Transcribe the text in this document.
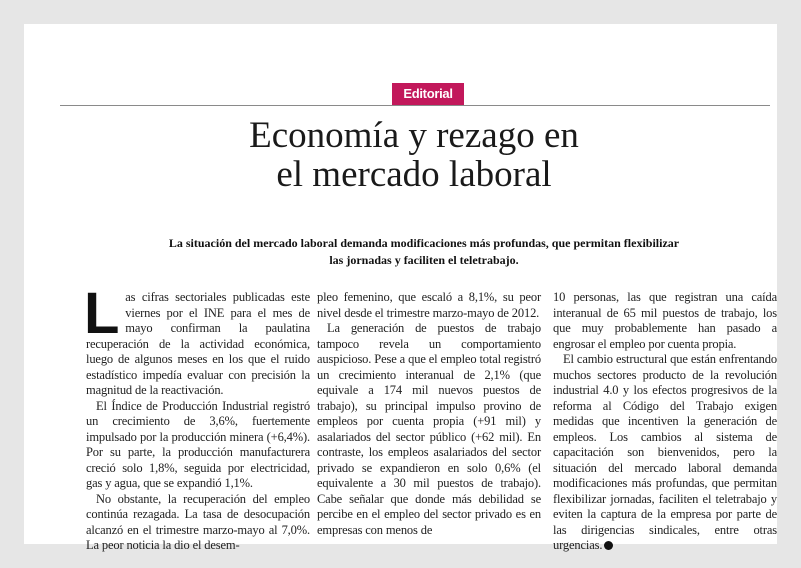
Editorial
Economía y rezago en
el mercado laboral

La situación del mercado laboral demanda modificaciones más profundas, que permitan flexibilizar
las jornadas y faciliten el teletrabajo.

Las cifras sectoriales publicadas este viernes por el INE para el mes de mayo confirman la paulatina recuperación de la actividad económica, luego de algunos meses en los que el ruido estadístico impedía evaluar con precisión la magnitud de la reactivación.

El Índice de Producción Industrial registró un crecimiento de 3,6%, fuertemente impulsado por la producción minera (+6,4%). Por su parte, la producción manufacturera creció solo 1,8%, seguida por electricidad, gas y agua, que se expandió 1,1%.

No obstante, la recuperación del empleo continúa rezagada. La tasa de desocupación alcanzó en el trimestre marzo-mayo al 7,0%. La peor noticia la dio el desem-

pleo femenino, que escaló a 8,1%, su peor nivel desde el trimestre marzo-mayo de 2012.

La generación de puestos de trabajo tampoco revela un comportamiento auspicioso. Pese a que el empleo total registró un crecimiento interanual de 2,1% (que equivale a 174 mil nuevos puestos de trabajo), su principal impulso provino de empleos por cuenta propia (+91 mil) y asalariados del sector público (+62 mil). En contraste, los empleos asalariados del sector privado se expandieron en solo 0,6% (el equivalente a 30 mil puestos de trabajo). Cabe señalar que donde más debilidad se percibe en el empleo del sector privado es en empresas con menos de

10 personas, las que registran una caída interanual de 65 mil puestos de trabajo, los que muy probablemente han pasado a engrosar el empleo por cuenta propia.

El cambio estructural que están enfrentando muchos sectores producto de la revolución industrial 4.0 y los efectos progresivos de la reforma al Código del Trabajo exigen medidas que incentiven la generación de empleos. Los cambios al sistema de capacitación son bienvenidos, pero la situación del mercado laboral demanda modificaciones más profundas, que permitan flexibilizar jornadas, faciliten el teletrabajo y eviten la captura de la empresa por parte de las dirigencias sindicales, entre otras urgencias.
